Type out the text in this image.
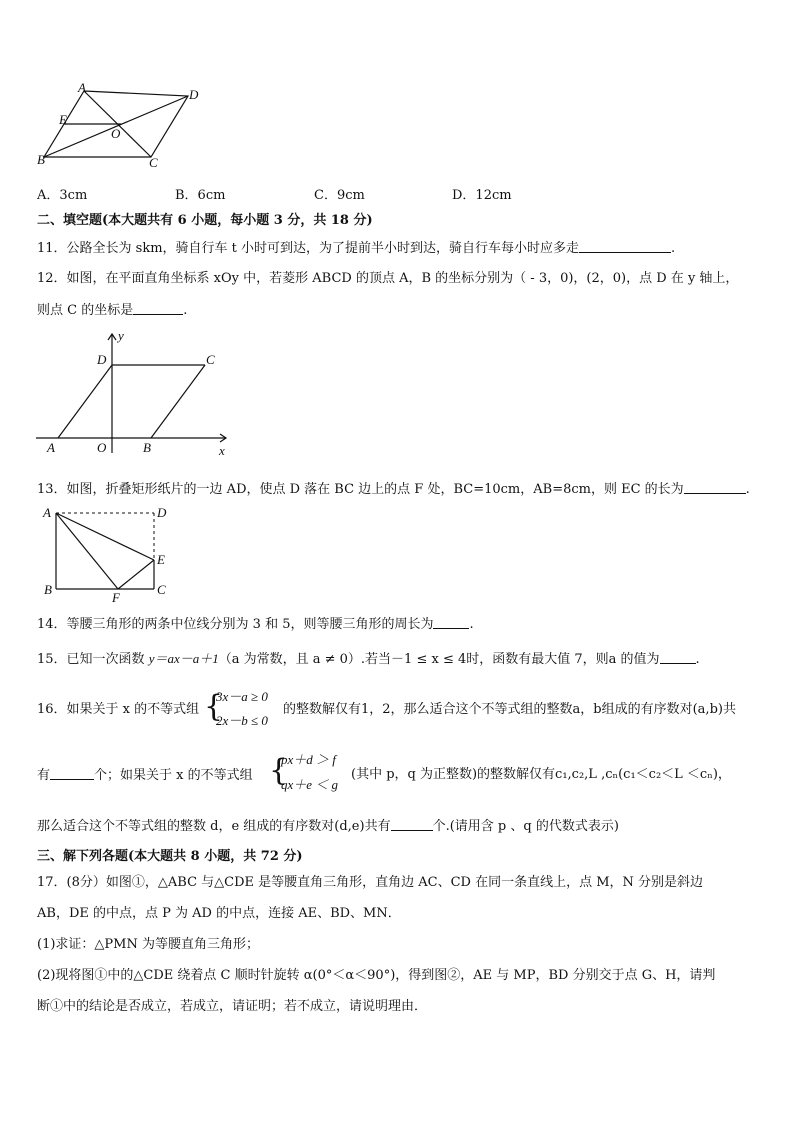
A	D
E
O
B	C
A．3cm	B．6cm	C．9cm	D．12cm
二、填空题(本大题共有 6 小题，每小题 3 分，共 18 分)
11．公路全长为 skm，骑自行车 t 小时可到达，为了提前半小时到达，骑自行车每小时应多走	.
12．如图，在平面直角坐标系 xOy 中，若菱形 ABCD 的顶点 A，B 的坐标分别为（ - 3，0)，(2，0)，点 D 在 y 轴上，
则点 C 的坐标是	.
y
x
D	C
A	O	B
13．如图，折叠矩形纸片的一边 AD，使点 D 落在 BC 边上的点 F 处，BC=10cm，AB=8cm，则 EC 的长为	.
A	D
E
B
F
C
14．等腰三角形的两条中位线分别为 3 和 5，则等腰三角形的周长为	.
15．已知一次函数 y＝ax－a＋1（a 为常数，且 a ≠ 0）.若当－1 ≤ x ≤ 4时，函数有最大值 7，则a 的值为	.
16．如果关于 x 的不等式组 {
3x－a ≥ 0
2x－b ≤ 0
的整数解仅有1，2，那么适合这个不等式组的整数a，b组成的有序数对(a,b)共
有	个；如果关于 x 的不等式组 {
px＋d ＞ f
qx＋e ＜ g
(其中 p，q 为正整数)的整数解仅有c₁,c₂,L ,cₙ(c₁＜c₂＜L ＜cₙ)，
那么适合这个不等式组的整数 d，e 组成的有序数对(d,e)共有	个.(请用含 p 、q 的代数式表示)
三、解下列各题(本大题共 8 小题，共 72 分)
17．(8分）如图①，△ABC 与△CDE 是等腰直角三角形，直角边 AC、CD 在同一条直线上，点 M，N 分别是斜边
AB，DE 的中点，点 P 为 AD 的中点，连接 AE、BD、MN．
(1)求证：△PMN 为等腰直角三角形；
(2)现将图①中的△CDE 绕着点 C 顺时针旋转 α(0°＜α＜90°)，得到图②，AE 与 MP，BD 分别交于点 G、H，请判
断①中的结论是否成立，若成立，请证明；若不成立，请说明理由．
